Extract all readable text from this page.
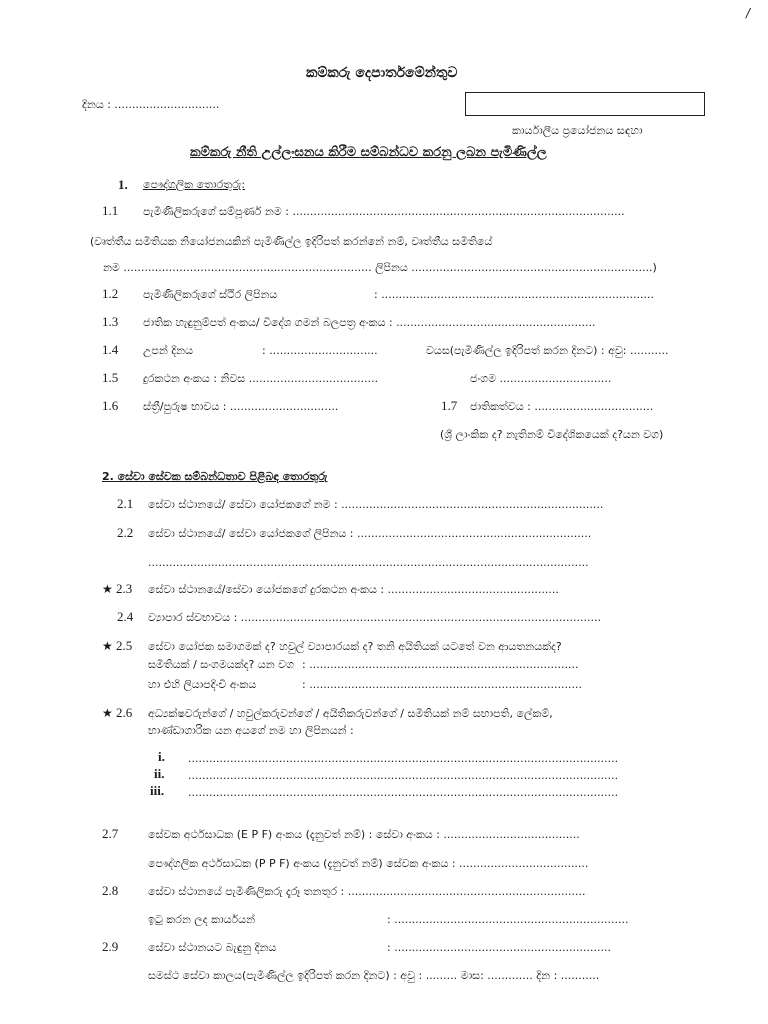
/
කම්කරු දෙපාර්තමේන්තුව
දිනය : ..............................
කාර්යාලීය ප්‍රයෝජනය සඳහා
කම්කරු නීති උල්ලංඝනය කිරීම සම්බන්ධව කරනු ලබන පැමිණිල්ල
1. පෞද්ගලික තොරතුරු:
1.1 පැමිණිලිකරුගේ සම්පූර්ණ නම : ...............................................................................................
(වෘත්තීය සමිතියක නියෝජනයකින් පැමිණිල්ල ඉදිරිපත් කරන්නේ නම්, වෘත්තීය සමිතියේ
නම ....................................................................... ලිපිනය .....................................................................)
1.2 පැමිණිලිකරුගේ ස්ථිර ලිපිනය	: ..............................................................................
1.3 ජාතික හැඳුනුම්පත් අංකය/ විදේශ ගමන් බලපත්‍ර අංකය : .........................................................
1.4 උපන් දිනය	: ...............................	වයස(පැමිණිල්ල ඉදිරිපත් කරන දිනට) : අවු: ...........
1.5 දුරකථන අංකය : නිවස .....................................	ජංගම ................................
1.6 ස්ත්‍රී/පුරුෂ භාවය : ...............................	1.7 ජාතිකත්වය : ..................................
(ශ්‍රී ලාංකික ද? නැතිනම් විදේශිකයෙක් ද?යන වග)
2. සේවා සේවක සම්බන්ධතාව පිළිබඳ තොරතුරු
2.1 සේවා ස්ථානයේ/ සේවා යෝජකගේ නම : ...........................................................................
2.2 සේවා ස්ථානයේ/ සේවා යෝජකගේ ලිපිනය : ...................................................................
..............................................................................................................................
★ 2.3 සේවා ස්ථානයේ/සේවා යෝජකගේ දුරකථන අංකය : .................................................
2.4 ව්‍යාපාර ස්වභාවය : .......................................................................................................
★ 2.5 සේවා යෝජක සමාගමක් ද? හවුල් ව්‍යාපාරයක් ද? තනි අයිතියක් යටතේ වන ආයතනයක්ද?
සමිතියක් / සංගමයක්ද? යන වග : .............................................................................
හා එහි ලියාපදිංචි අංකය	: ..............................................................................
★ 2.6 අධ්‍යක්ෂවරුන්ගේ / හවුල්කරුවන්ගේ / අයිතිකරුවන්ගේ / සමිතියක් නම් සභාපති, ලේකම්,
භාණ්ඩාගාරික යන අයගේ නම හා ලිපිනයන් :
i. ...........................................................................................................................
ii. ...........................................................................................................................
iii. ...........................................................................................................................
2.7	සේවක අර්ථසාධක (E P F) අංකය (දැනුවත් නම්) : සේවා අංකය : .......................................
පෞද්ගලික අර්ථසාධක (P P F) අංකය (දැනුවත් නම්) සේවක අංකය : .....................................
2.8	සේවා ස්ථානයේ පැමිණිලිකරු දැරූ තනතුර : ....................................................................
ඉටු කරන ලද කාර්යයන්	: ...................................................................
2.9	සේවා ස්ථානයට බැඳුනු දිනය	: ..............................................................
සමස්ථ සේවා කාලය(පැමිණිල්ල ඉදිරිපත් කරන දිනට) : අවු : ......... මාස: ............. දින : ...........
